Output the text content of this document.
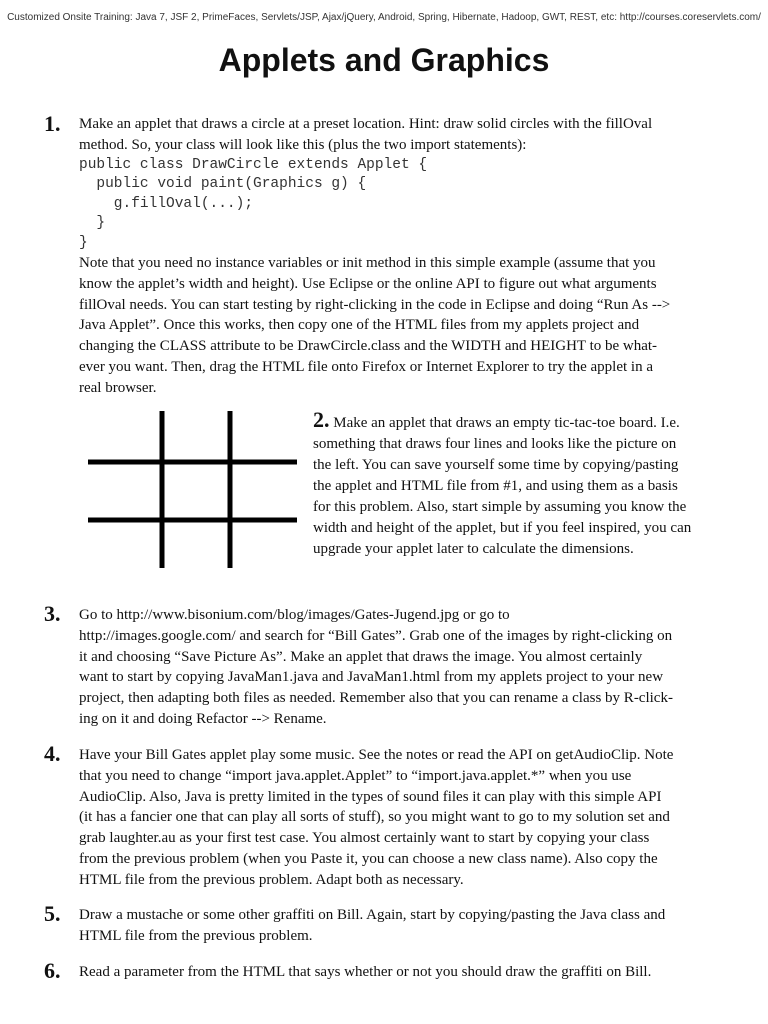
Customized Onsite Training: Java 7, JSF 2, PrimeFaces, Servlets/JSP, Ajax/jQuery, Android, Spring, Hibernate, Hadoop, GWT, REST, etc: http://courses.coreservlets.com/
Applets and Graphics
1. Make an applet that draws a circle at a preset location. Hint: draw solid circles with the fillOval
method. So, your class will look like this (plus the two import statements):

public class DrawCircle extends Applet {
public void paint(Graphics g) {
g.fillOval(...);
}
}

Note that you need no instance variables or init method in this simple example (assume that you
know the applet’s width and height). Use Eclipse or the online API to figure out what arguments
fillOval needs. You can start testing by right-clicking in the code in Eclipse and doing “Run As -->
Java Applet”. Once this works, then copy one of the HTML files from my applets project and
changing the CLASS attribute to be DrawCircle.class and the WIDTH and HEIGHT to be what-
ever you want. Then, drag the HTML file onto Firefox or Internet Explorer to try the applet in a
real browser.

2. Make an applet that draws an empty tic-tac-toe board. I.e.
something that draws four lines and looks like the picture on
the left. You can save yourself some time by copying/pasting
the applet and HTML file from #1, and using them as a basis
for this problem. Also, start simple by assuming you know the
width and height of the applet, but if you feel inspired, you can
upgrade your applet later to calculate the dimensions.
3. Go to http://www.bisonium.com/blog/images/Gates-Jugend.jpg or go to
http://images.google.com/ and search for “Bill Gates”. Grab one of the images by right-clicking on
it and choosing “Save Picture As”. Make an applet that draws the image. You almost certainly
want to start by copying JavaMan1.java and JavaMan1.html from my applets project to your new
project, then adapting both files as needed. Remember also that you can rename a class by R-click-
ing on it and doing Refactor --> Rename.

4. Have your Bill Gates applet play some music. See the notes or read the API on getAudioClip. Note
that you need to change “import java.applet.Applet” to “import.java.applet.*” when you use
AudioClip. Also, Java is pretty limited in the types of sound files it can play with this simple API
(it has a fancier one that can play all sorts of stuff), so you might want to go to my solution set and
grab laughter.au as your first test case. You almost certainly want to start by copying your class
from the previous problem (when you Paste it, you can choose a new class name). Also copy the
HTML file from the previous problem. Adapt both as necessary.

5. Draw a mustache or some other graffiti on Bill. Again, start by copying/pasting the Java class and
HTML file from the previous problem.

6. Read a parameter from the HTML that says whether or not you should draw the graffiti on Bill.
